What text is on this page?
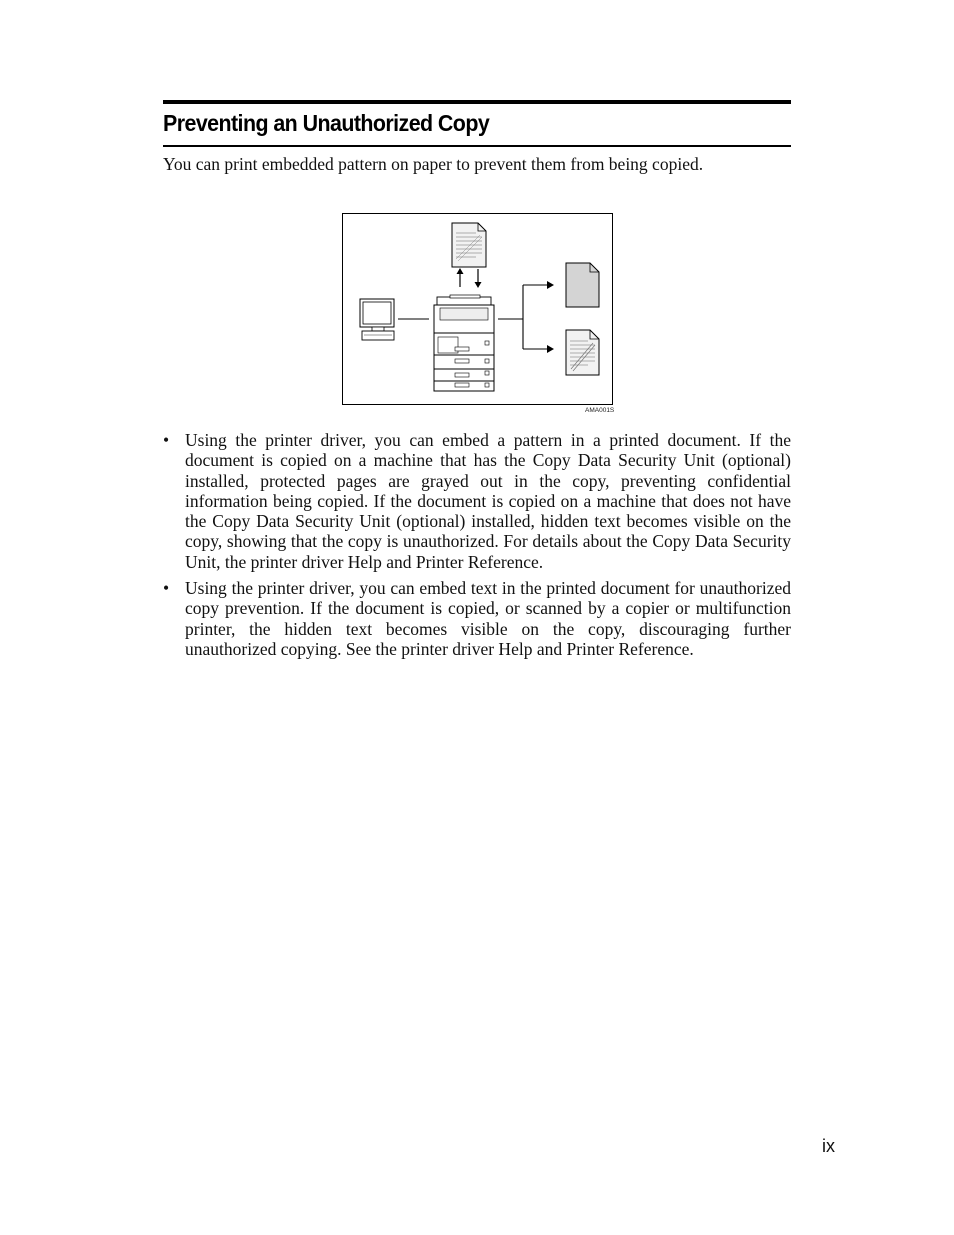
Preventing an Unauthorized Copy

You can print embedded pattern on paper to prevent them from being copied.

AMA001S
• Using the printer driver, you can embed a pattern in a printed document. If the document is copied on a machine that has the Copy Data Security Unit (optional) installed, protected pages are grayed out in the copy, preventing confidential information being copied. If the document is copied on a machine that does not have the Copy Data Security Unit (optional) installed, hidden text becomes visible on the copy, showing that the copy is unauthorized. For details about the Copy Data Security Unit, the printer driver Help and Printer Reference.
• Using the printer driver, you can embed text in the printed document for unauthorized copy prevention. If the document is copied, or scanned by a copier or multifunction printer, the hidden text becomes visible on the copy, discouraging further unauthorized copying. See the printer driver Help and Printer Reference.
ix
